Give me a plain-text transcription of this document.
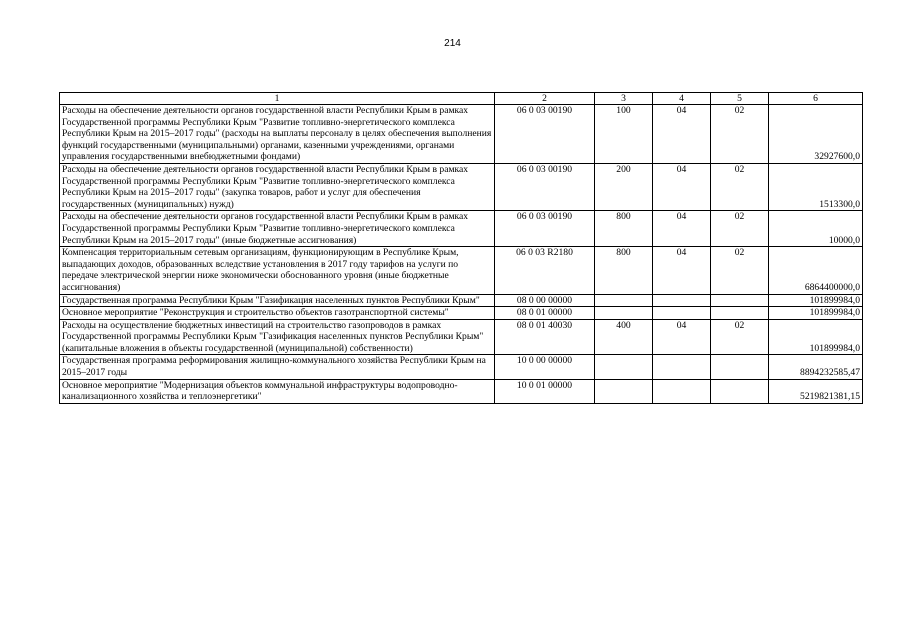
214
1	2	3	4	5	6
Расходы на обеспечение деятельности органов государственной власти Республики Крым в рамках Государственной программы Республики Крым "Развитие топливно-энергетического комплекса Республики Крым на 2015–2017 годы" (расходы на выплаты персоналу в целях обеспечения выполнения функций государственными (муниципальными) органами, казенными учреждениями, органами управления государственными внебюджетными фондами)	06 0 03 00190	100	04	02	32927600,0
Расходы на обеспечение деятельности органов государственной власти Республики Крым в рамках Государственной программы Республики Крым "Развитие топливно-энергетического комплекса Республики Крым на 2015–2017 годы" (закупка товаров, работ и услуг для обеспечения государственных (муниципальных) нужд)	06 0 03 00190	200	04	02	1513300,0
Расходы на обеспечение деятельности органов государственной власти Республики Крым в рамках Государственной программы Республики Крым "Развитие топливно-энергетического комплекса Республики Крым на 2015–2017 годы" (иные бюджетные ассигнования)	06 0 03 00190	800	04	02	10000,0
Компенсация территориальным сетевым организациям, функционирующим в Республике Крым, выпадающих доходов, образованных вследствие установления в 2017 году тарифов на услуги по передаче электрической энергии ниже экономически обоснованного уровня (иные бюджетные ассигнования)	06 0 03 R2180	800	04	02	6864400000,0
Государственная программа Республики Крым "Газификация населенных пунктов Республики Крым"	08 0 00 00000				101899984,0
Основное мероприятие "Реконструкция и строительство объектов газотранспортной системы"	08 0 01 00000				101899984,0
Расходы на осуществление бюджетных инвестиций на строительство газопроводов в рамках Государственной программы Республики Крым "Газификация населенных пунктов Республики Крым" (капитальные вложения в объекты государственной (муниципальной) собственности)	08 0 01 40030	400	04	02	101899984,0
Государственная программа реформирования жилищно-коммунального хозяйства Республики Крым на 2015–2017 годы	10 0 00 00000				8894232585,47
Основное мероприятие "Модернизация объектов коммунальной инфраструктуры водопроводно-канализационного хозяйства и теплоэнергетики"	10 0 01 00000				5219821381,15
